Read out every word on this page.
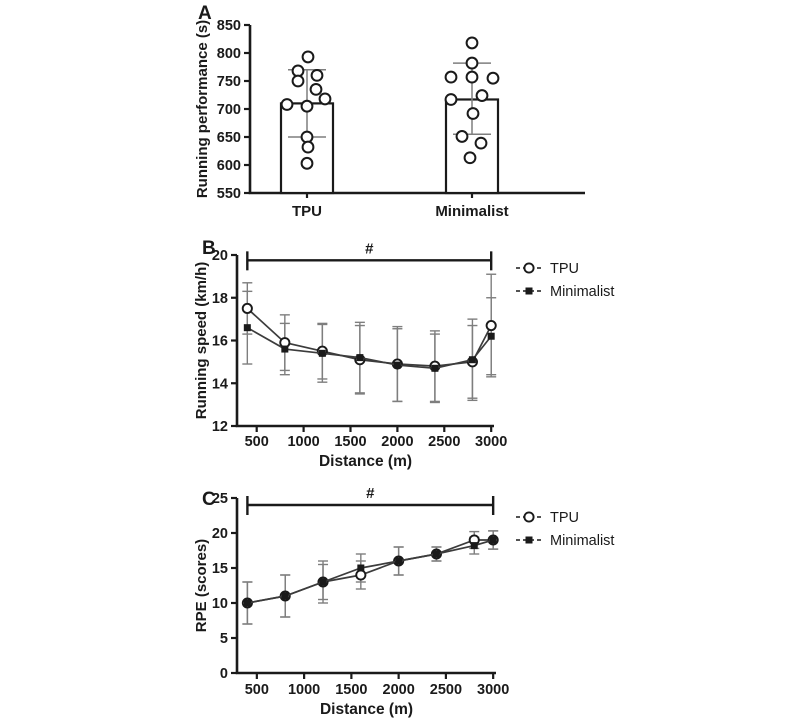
A
550
600
650
700
750
800
850
Running performance (s)
TPU	Minimalist
B
12
14
16
18
20
500 1000 1500 2000 2500 3000
Running speed (km/h)
Distance (m)
#
TPU
Minimalist
C
0
5
10
15
20
25
500 1000 1500 2000 2500 3000
RPE (scores)
Distance (m)
#
TPU
Minimalist
